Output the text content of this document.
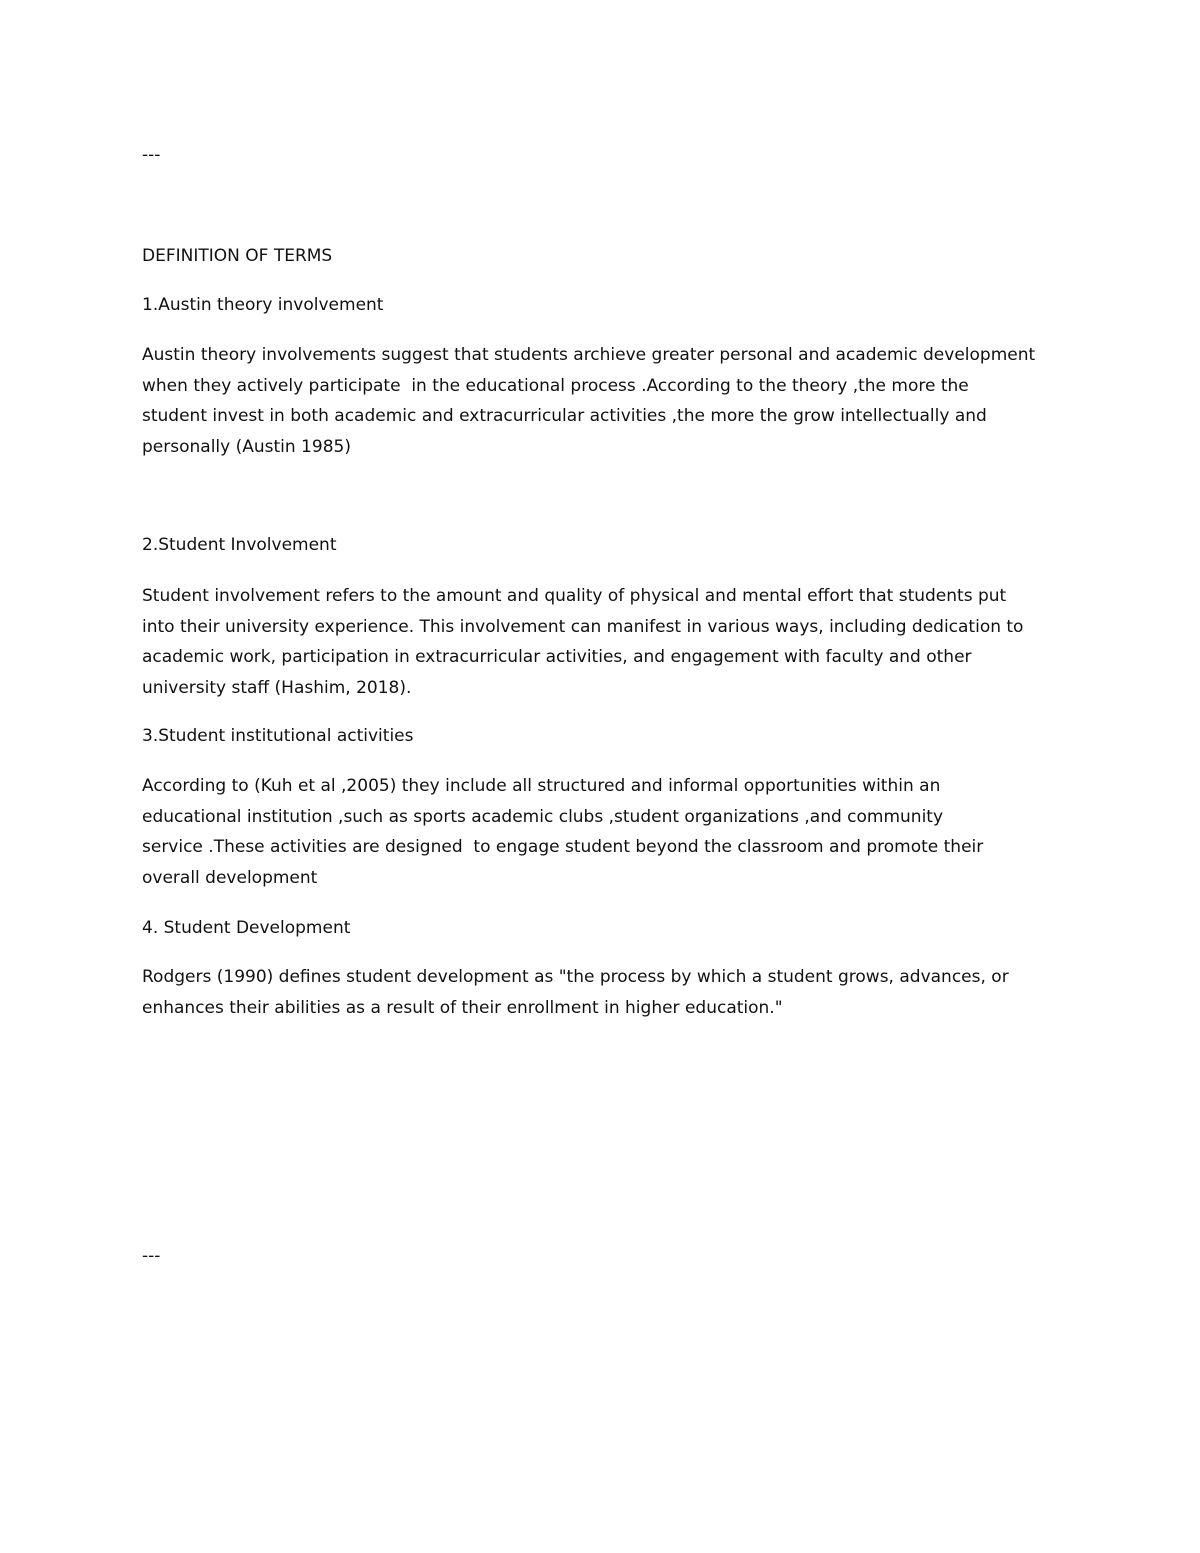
---

DEFINITION OF TERMS

1.Austin theory involvement

Austin theory involvements suggest that students archieve greater personal and academic development
when they actively participate  in the educational process .According to the theory ,the more the
student invest in both academic and extracurricular activities ,the more the grow intellectually and
personally (Austin 1985)

2.Student Involvement

Student involvement refers to the amount and quality of physical and mental effort that students put
into their university experience. This involvement can manifest in various ways, including dedication to
academic work, participation in extracurricular activities, and engagement with faculty and other
university staff (Hashim, 2018).

3.Student institutional activities

According to (Kuh et al ,2005) they include all structured and informal opportunities within an
educational institution ,such as sports academic clubs ,student organizations ,and community
service .These activities are designed  to engage student beyond the classroom and promote their
overall development

4. Student Development

Rodgers (1990) defines student development as "the process by which a student grows, advances, or
enhances their abilities as a result of their enrollment in higher education."

---
